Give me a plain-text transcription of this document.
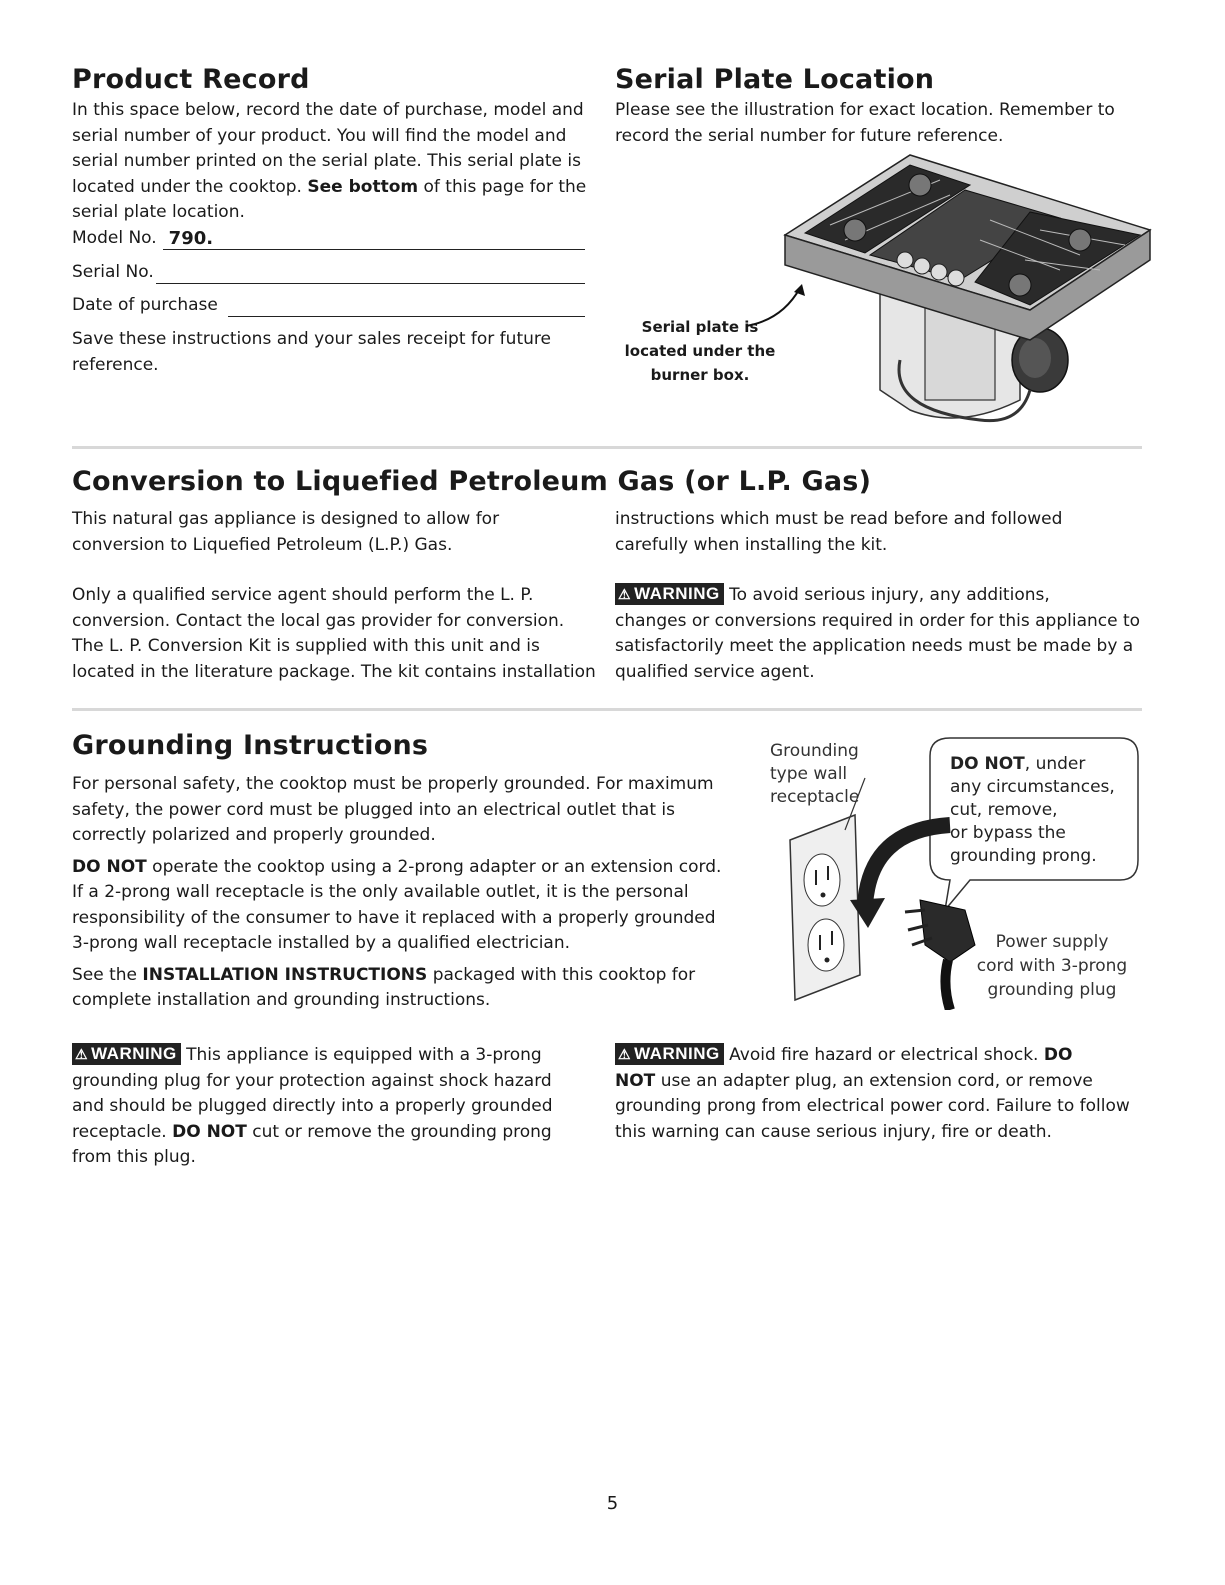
Product Record

In this space below, record the date of purchase, model and

serial number of your product. You will find the model and

serial number printed on the serial plate. This serial plate is

located under the cooktop. See bottom of this page for the

serial plate location.

Model No. 790.
Serial No.
Date of purchase

Save these instructions and your sales receipt for future

reference.

Serial Plate Location

Please see the illustration for exact location. Remember to

record the serial number for future reference.

Serial plate is

located under the

burner box.

Conversion to Liquefied Petroleum Gas (or L.P. Gas)

This natural gas appliance is designed to allow for

conversion to Liquefied Petroleum (L.P.) Gas.

Only a qualified service agent should perform the L. P.

conversion. Contact the local gas provider for conversion.

The L. P. Conversion Kit is supplied with this unit and is

located in the literature package. The kit contains installation

instructions which must be read before and followed

carefully when installing the kit.

⚠ WARNING To avoid serious injury, any additions,

changes or conversions required in order for this appliance to

satisfactorily meet the application needs must be made by a

qualified service agent.

Grounding Instructions

For personal safety, the cooktop must be properly grounded. For maximum

safety, the power cord must be plugged into an electrical outlet that is

correctly polarized and properly grounded.

DO NOT operate the cooktop using a 2-prong adapter or an extension cord.

If a 2-prong wall receptacle is the only available outlet, it is the personal

responsibility of the consumer to have it replaced with a properly grounded

3-prong wall receptacle installed by a qualified electrician.

See the INSTALLATION INSTRUCTIONS packaged with this cooktop for

complete installation and grounding instructions.

Grounding

type wall

receptacle

DO NOT, under

any circumstances,

cut, remove,

or bypass the

grounding prong.

Power supply

cord with 3-prong

grounding plug

⚠ WARNING This appliance is equipped with a 3-prong

grounding plug for your protection against shock hazard

and should be plugged directly into a properly grounded

receptacle. DO NOT cut or remove the grounding prong

from this plug.

⚠ WARNING Avoid fire hazard or electrical shock. DO

NOT use an adapter plug, an extension cord, or remove

grounding prong from electrical power cord. Failure to follow

this warning can cause serious injury, fire or death.

5
